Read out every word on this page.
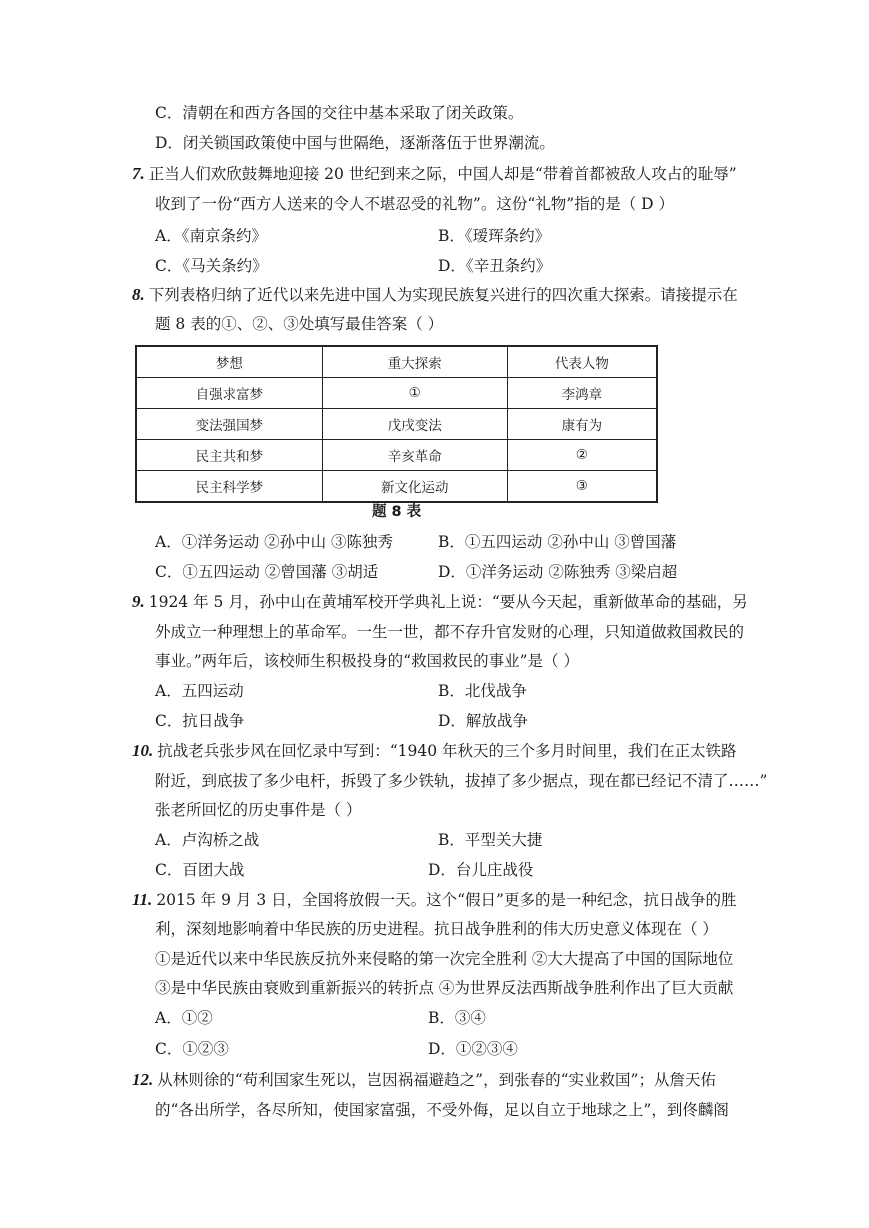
C．清朝在和西方各国的交往中基本采取了闭关政策。
D．闭关锁国政策使中国与世隔绝，逐渐落伍于世界潮流。
7. 正当人们欢欣鼓舞地迎接 20 世纪到来之际，中国人却是“带着首都被敌人攻占的耻辱”
收到了一份“西方人送来的令人不堪忍受的礼物”。这份“礼物”指的是（ D ）
A．《南京条约》	B．《瑷珲条约》
C．《马关条约》	D．《辛丑条约》
8. 下列表格归纳了近代以来先进中国人为实现民族复兴进行的四次重大探索。请接提示在
题 8 表的①、②、③处填写最佳答案（ ）
梦想	重大探索	代表人物
自强求富梦	①	李鸿章
变法强国梦	戊戌变法	康有为
民主共和梦	辛亥革命	②
民主科学梦	新文化运动	③
题 8 表
A．①洋务运动 ②孙中山 ③陈独秀	B．①五四运动 ②孙中山 ③曾国藩
C．①五四运动 ②曾国藩 ③胡适	D．①洋务运动 ②陈独秀 ③梁启超
9. 1924 年 5 月，孙中山在黄埔军校开学典礼上说：“要从今天起，重新做革命的基础，另
外成立一种理想上的革命军。一生一世，都不存升官发财的心理，只知道做救国救民的
事业。”两年后，该校师生积极投身的“救国救民的事业”是（ ）
A．五四运动	B．北伐战争
C．抗日战争	D．解放战争
10. 抗战老兵张步风在回忆录中写到：“1940 年秋天的三个多月时间里，我们在正太铁路
附近，到底拔了多少电杆，拆毁了多少铁轨，拔掉了多少据点，现在都已经记不清了……”
张老所回忆的历史事件是（ ）
A．卢沟桥之战	B．平型关大捷
C．百团大战	D．台儿庄战役
11. 2015 年 9 月 3 日，全国将放假一天。这个“假日”更多的是一种纪念，抗日战争的胜
利，深刻地影响着中华民族的历史进程。抗日战争胜利的伟大历史意义体现在（ ）
①是近代以来中华民族反抗外来侵略的第一次完全胜利 ②大大提高了中国的国际地位
③是中华民族由衰败到重新振兴的转折点 ④为世界反法西斯战争胜利作出了巨大贡献
A．①②	B．③④
C．①②③	D．①②③④
12. 从林则徐的“苟利国家生死以，岂因祸福避趋之”，到张春的“实业救国”；从詹天佑
的“各出所学，各尽所知，使国家富强，不受外侮，足以自立于地球之上”，到佟麟阁
